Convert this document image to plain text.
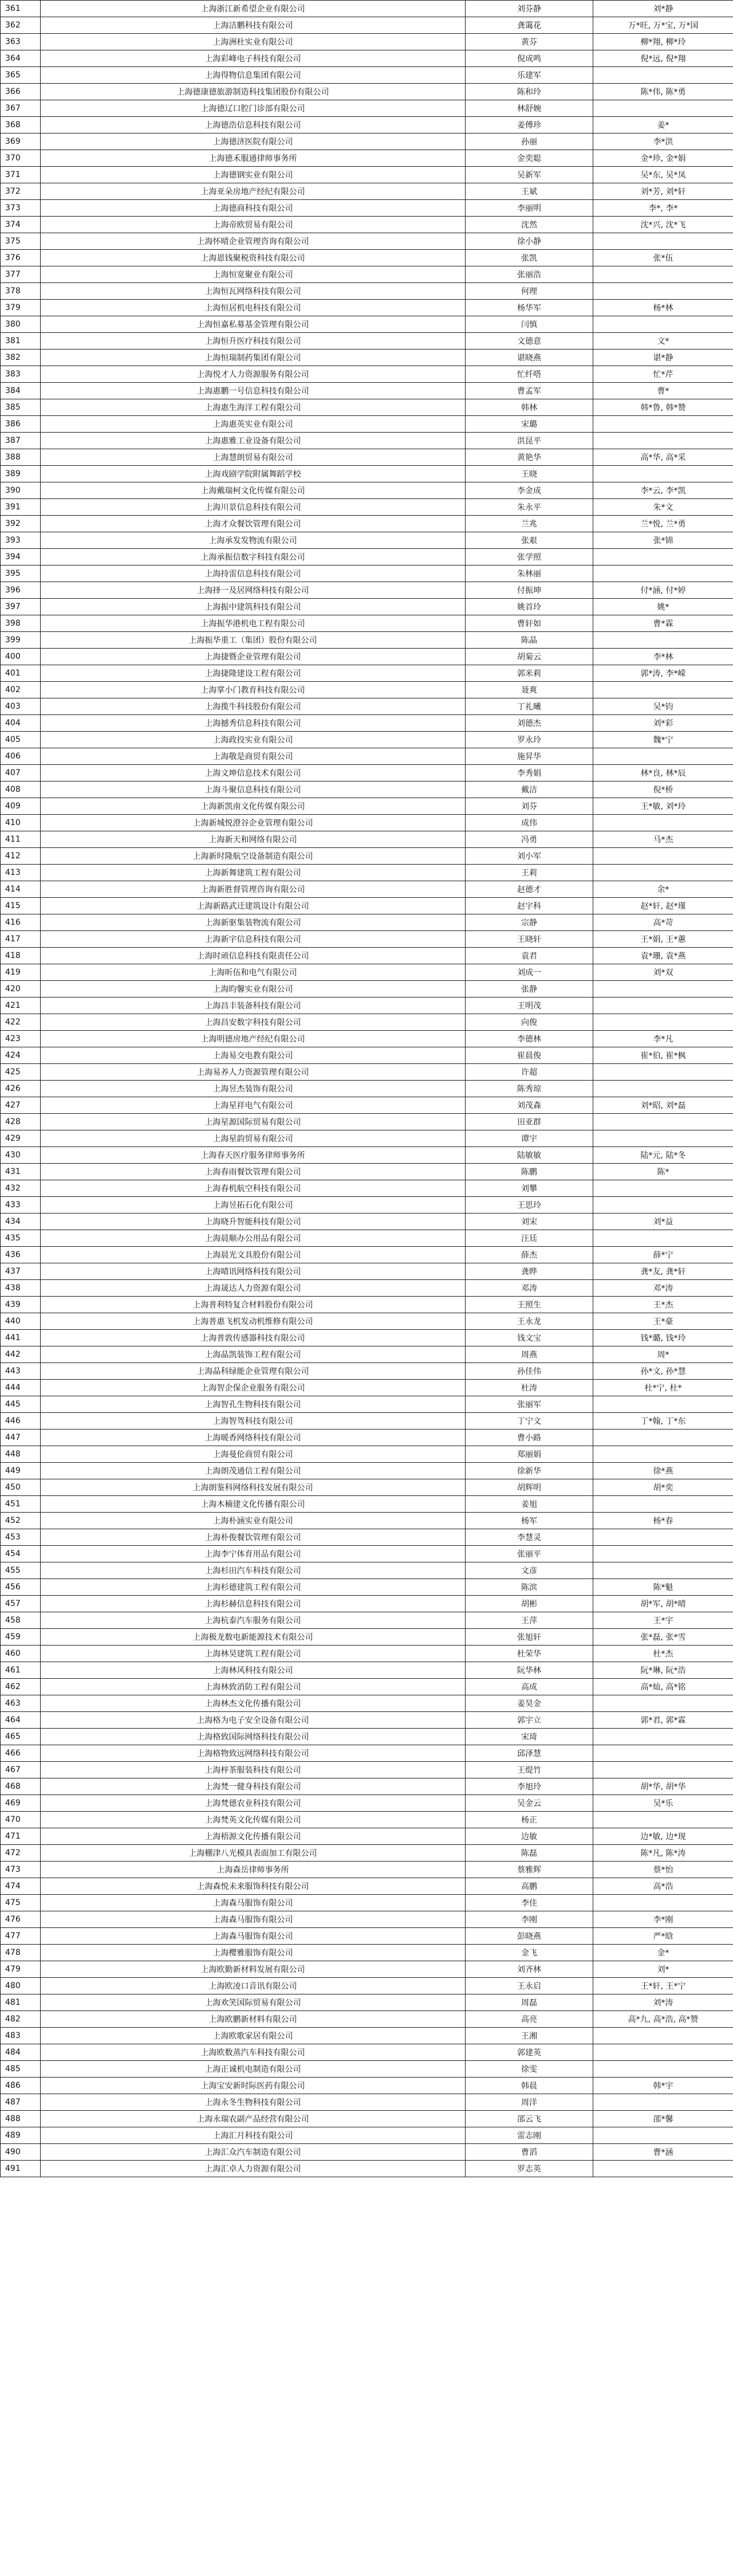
361	上海浙江新希望企业有限公司	刘芬静	刘*静
362	上海洁鹏科技有限公司	龚霭花	万*旺, 万*宝, 万*国
363	上海洲杜实业有限公司	黄芬	柳*翔, 柳*玲
364	上海彩峰电子科技有限公司	倪成鸣	倪*远, 倪*翔
365	上海得物信息集团有限公司	乐建军	
366	上海德康德旅游制造科技集团股份有限公司	陈和玲	陈*伟, 陈*勇
367	上海德辽口腔门诊部有限公司	林舒婉	
368	上海德浩信息科技有限公司	姜傅珍	姜*
369	上海德济医院有限公司	孙丽	李*洪
370	上海德禾服通律师事务所	金奕聪	金*珍, 金*娟
371	上海德钢实业有限公司	吴新军	吴*东, 吴*凤
372	上海亚朵房地产经纪有限公司	王斌	刘*芳, 刘*轩
373	上海德商科技有限公司	李丽明	李*, 李*
374	上海帝欧贸易有限公司	沈然	沈*兴, 沈*飞
375	上海怀晴企业管理咨询有限公司	徐小静	
376	上海恩钱聚税资科技有限公司	张凯	张*伍
377	上海恒宽聚业有限公司	张丽浩	
378	上海恒瓦网络科技有限公司	何理	
379	上海恒居机电科技有限公司	杨华军	杨*林
380	上海恒嘉私募基金管理有限公司	闫慎	
381	上海恒升医疗科技有限公司	文德意	文*
382	上海恒瑞制药集团有限公司	谌晓燕	谌*静
383	上海悦才人力资源服务有限公司	忙纤嗒	忙*芹
384	上海惠鹏一号信息科技有限公司	曹孟军	曹*
385	上海惠生海洋工程有限公司	韩林	韩*鲁, 韩*赞
386	上海惠英实业有限公司	宋璐	
387	上海惠雅工业设备有限公司	洪昆平	
388	上海慧朗贸易有限公司	黄艳华	高*华, 高*采
389	上海戏剧学院附属舞蹈学校	王晓	
390	上海戴瑞柯文化传媒有限公司	李金成	李*云, 李*凯
391	上海川景信息科技有限公司	朱永平	朱*文
392	上海才众餐饮管理有限公司	兰兆	兰*悦, 兰*勇
393	上海承发发物流有限公司	张艰	张*锦
394	上海承振信数字科技有限公司	张学照	
395	上海持雷信息科技有限公司	朱林丽	
396	上海择一及居网络科技有限公司	付振坤	付*涵, 付*婷
397	上海振中建筑科技有限公司	姚首玲	姚*
398	上海振华港机电工程有限公司	曹轩如	曹*霖
399	上海振华重工（集团）股份有限公司	陈晶	
400	上海捷暨企业管理有限公司	胡菊云	李*林
401	上海捷隆建设工程有限公司	郭米莉	郭*涛, 李*嵘
402	上海掌小门教育科技有限公司	聂爽	
403	上海揽牛科技股份有限公司	丁礼曦	吴*钧
404	上海撼秀信息科技有限公司	刘德杰	刘*彩
405	上海政投实业有限公司	罗永玲	魏*宁
406	上海敬是商贸有限公司	施昇华	
407	上海文坤信息技术有限公司	李秀娟	林*良, 林*辰
408	上海斗聚信息科技有限公司	戴洁	倪*桥
409	上海新凯南文化传媒有限公司	刘芬	王*敏, 刘*玲
410	上海新城悦澄谷企业管理有限公司	成伟	
411	上海新天和网络有限公司	冯勇	马*杰
412	上海新时隆航空设备制造有限公司	刘小军	
413	上海新舞建筑工程有限公司	王莉	
414	上海新胜督管理咨询有限公司	赵德才	余*
415	上海新路武迁建筑设计有限公司	赵宇科	赵*轩, 赵*瑾
416	上海新驱集装物流有限公司	宗静	高*苛
417	上海新宇信息科技有限公司	王晓轩	王*娟, 王*蕙
418	上海时顽信息科技有限责任公司	袁君	袁*珊, 袁*燕
419	上海昕伍和电气有限公司	刘成一	刘*双
420	上海昀馨实业有限公司	张静	
421	上海昌丰装备科技有限公司	王明茂	
422	上海昌安数字科技有限公司	向俊	
423	上海明德房地产经纪有限公司	李德林	李*凡
424	上海易交电教有限公司	崔晨俊	崔*伯, 崔*枫
425	上海易养人力资源管理有限公司	许超	
426	上海昱杰装饰有限公司	陈秀琼	
427	上海星祥电气有限公司	刘茂森	刘*昭, 刘*磊
428	上海星源国际贸易有限公司	田亚群	
429	上海星韵贸易有限公司	谭宇	
430	上海春天医疗服务律师事务所	陆敏敏	陆*元, 陆*冬
431	上海春雨餐饮管理有限公司	陈鹏	陈*
432	上海春机航空科技有限公司	刘攀	
433	上海昱拓石化有限公司	王思玲	
434	上海晓升智能科技有限公司	刘宋	刘*益
435	上海晨顺办公用品有限公司	汪廷	
436	上海晨光文具股份有限公司	薛杰	薛*宁
437	上海晴讯网络科技有限公司	龚晔	龚*友, 龚*轩
438	上海晟达人力资源有限公司	邓涛	邓*涛
439	上海普利特复合材料股份有限公司	王照生	王*杰
440	上海普惠飞机发动机维修有限公司	王永龙	王*豪
441	上海普敦传感器科技有限公司	钱文宝	钱*璐, 钱*玲
442	上海晶凯装饰工程有限公司	周燕	周*
443	上海晶科绿能企业管理有限公司	孙佳伟	孙*文, 孙*慧
444	上海智企保企业服务有限公司	杜涛	杜*宁, 杜*
445	上海智孔生物科技有限公司	张丽军	
446	上海智驾科技有限公司	丁宁文	丁*翰, 丁*东
447	上海暖香网络科技有限公司	曹小路	
448	上海曼伦商贸有限公司	郑丽娟	
449	上海朗茂通信工程有限公司	徐新华	徐*燕
450	上海朗鉴科网络科技发展有限公司	胡辉明	胡*奕
451	上海木楠建文化传播有限公司	姜旭	
452	上海朴涵实业有限公司	杨军	杨*春
453	上海朴俊餐饮管理有限公司	李慧灵	
454	上海李宁体育用品有限公司	张丽平	
455	上海杉田汽车科技有限公司	文彦	
456	上海杉德建筑工程有限公司	陈滨	陈*魁
457	上海杉赫信息科技有限公司	胡彬	胡*军, 胡*晴
458	上海杭泰汽车服务有限公司	王萍	王*宇
459	上海极龙数电新能源技术有限公司	张旭轩	张*磊, 张*雪
460	上海林昊建筑工程有限公司	杜荣华	杜*杰
461	上海林风科技有限公司	阮华林	阮*琳, 阮*浩
462	上海林致消防工程有限公司	高成	高*灿, 高*铭
463	上海林杰文化传播有限公司	姜昊金	
464	上海格为电子安全设备有限公司	郭宇立	郭*君, 郭*霖
465	上海格致国际网络科技有限公司	宋琦	
466	上海格物致远网络科技有限公司	邱泽慧	
467	上海梓茶服装科技有限公司	王缇竹	
468	上海梵一健身科技有限公司	李旭玲	胡*华, 胡*华
469	上海梵德农业科技有限公司	吴金云	吴*乐
470	上海梵英文化传媒有限公司	杨正	
471	上海梧源文化传播有限公司	边敏	边*敏, 边*现
472	上海棚津八光模具表面加工有限公司	陈磊	陈*凡, 陈*涛
473	上海森岳律师事务所	蔡雅辉	蔡*怡
474	上海森悦未来服饰科技有限公司	高鹏	高*浩
475	上海森马服饰有限公司	李佳	
476	上海森马服饰有限公司	李刚	李*刚
477	上海森马服饰有限公司	彭晓燕	严*晗
478	上海樱雅服饰有限公司	金飞	金*
479	上海欧勤新材料发展有限公司	刘齐林	刘*
480	上海欧凌口音讯有限公司	王永启	王*轩, 王*宁
481	上海欢笑国际贸易有限公司	周磊	刘*涛
482	上海欧鹏新材料有限公司	高亮	高*九, 高*浩, 高*赞
483	上海欧歌家居有限公司	王湘	
484	上海欧数蒸汽车科技有限公司	郭建英	
485	上海正诚机电制造有限公司	徐雯	
486	上海宝安新时际医药有限公司	韩晨	韩*宇
487	上海永冬生物科技有限公司	周洋	
488	上海永瑞农副产品经营有限公司	邵云飞	邵*馨
489	上海汇月科技有限公司	雷志刚	
490	上海汇众汽车制造有限公司	曹滔	曹*涵
491	上海汇卓人力资源有限公司	罗志英	
